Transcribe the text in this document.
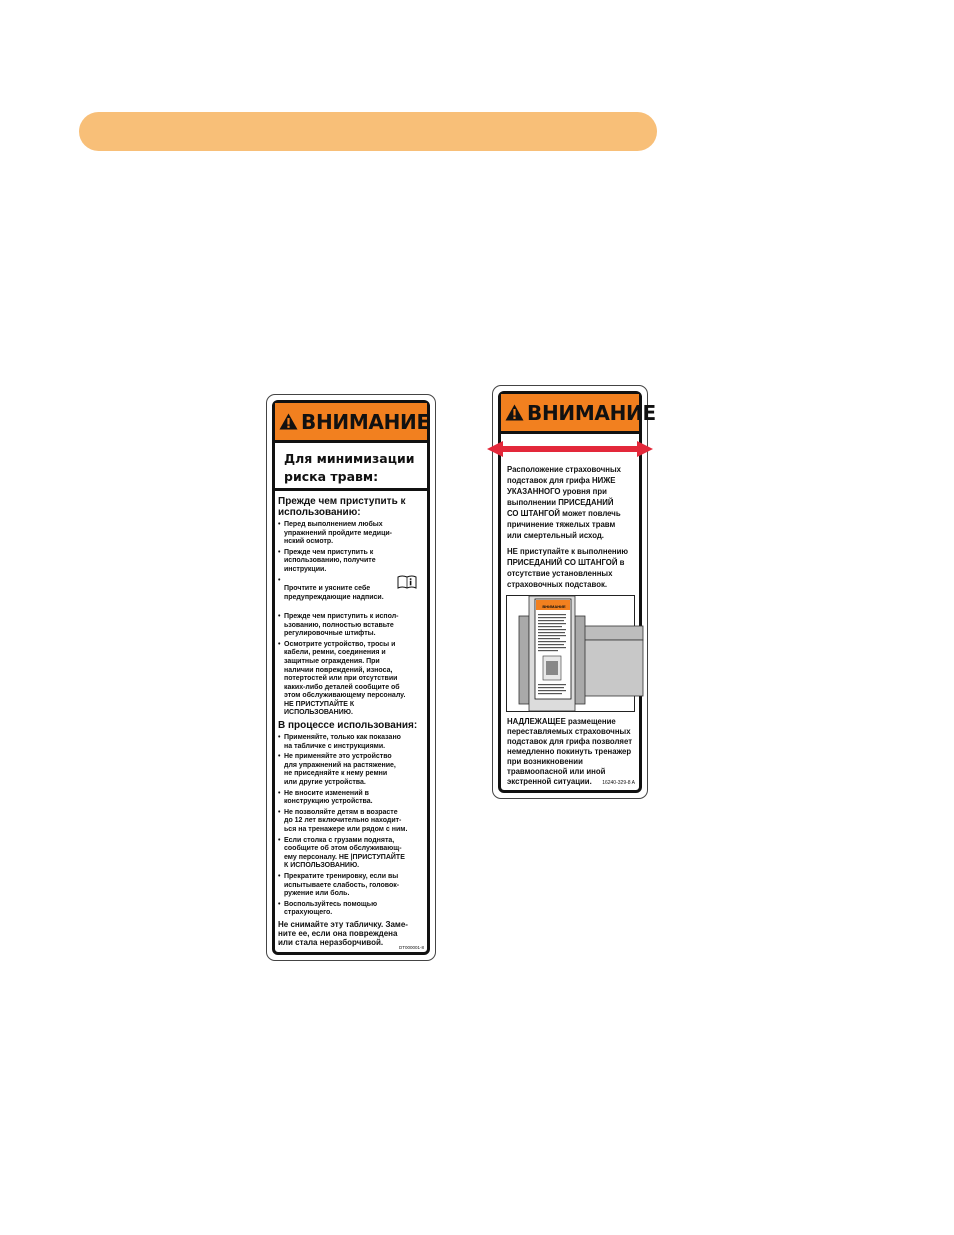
ВНИМАНИЕ
Для минимизации
риска травм:
Прежде чем приступить к использованию:
• Перед выполнением любых
упражнений пройдите медици-
нский осмотр.
• Прежде чем приступить к
использованию, получите
инструкции.

• Прочтите и уясните себе
предупреждающие надписи.

• Прежде чем приступить к испол-
ьзованию, полностью вставьте
регулировочные штифты.
• Осмотрите устройство, тросы и
кабели, ремни, соединения и
защитные ограждения. При
наличии повреждений, износа,
потертостей или при отсутствии
каких-либо деталей сообщите об
этом обслуживающему персоналу.
НЕ ПРИСТУПАЙТЕ К
ИСПОЛЬЗОВАНИЮ.
В процессе использования:
• Применяйте, только как показано
на табличке с инструкциями.
• Не применяйте это устройство
для упражнений на растяжение,
не приседняйте к нему ремни
или другие устройства.
• Не вносите изменений в
конструкцию устройства.
• Не позволяйте детям в возрасте
до 12 лет включительно находит-
ься на тренажере или рядом с ним.
• Если столка с грузами поднята,
сообщите об этом обслуживающ-
ему персоналу. НЕ |ПРИСТУПАЙТЕ
К ИСПОЛЬЗОВАНИЮ.
• Прекратите тренировку, если вы
испытываете слабость, головок-
ружение или боль.
• Воспользуйтесь помощью
страхующего.
Не снимайте эту табличку. Заме-
ните ее, если она повреждена
или стала неразборчивой.
DT000001-8
ВНИМАНИЕ
Расположение страховочных
подставок для грифа НИЖЕ
УКАЗАННОГО уровня при
выполнении ПРИСЕДАНИЙ
СО ШТАНГОЙ может повлечь
причинение тяжелых травм
или смертельный исход.
НЕ приступайте к выполнению
ПРИСЕДАНИЙ СО ШТАНГОЙ в
отсутствие установленных
страховочных подставок.
ВНИМАНИЕ
НАДЛЕЖАЩЕЕ размещение
переставляемых страховочных
подставок для грифа позволяет
немедленно покинуть тренажер
при возникновении
травмоопасной или иной
экстренной ситуации.	16240-329-8 A
